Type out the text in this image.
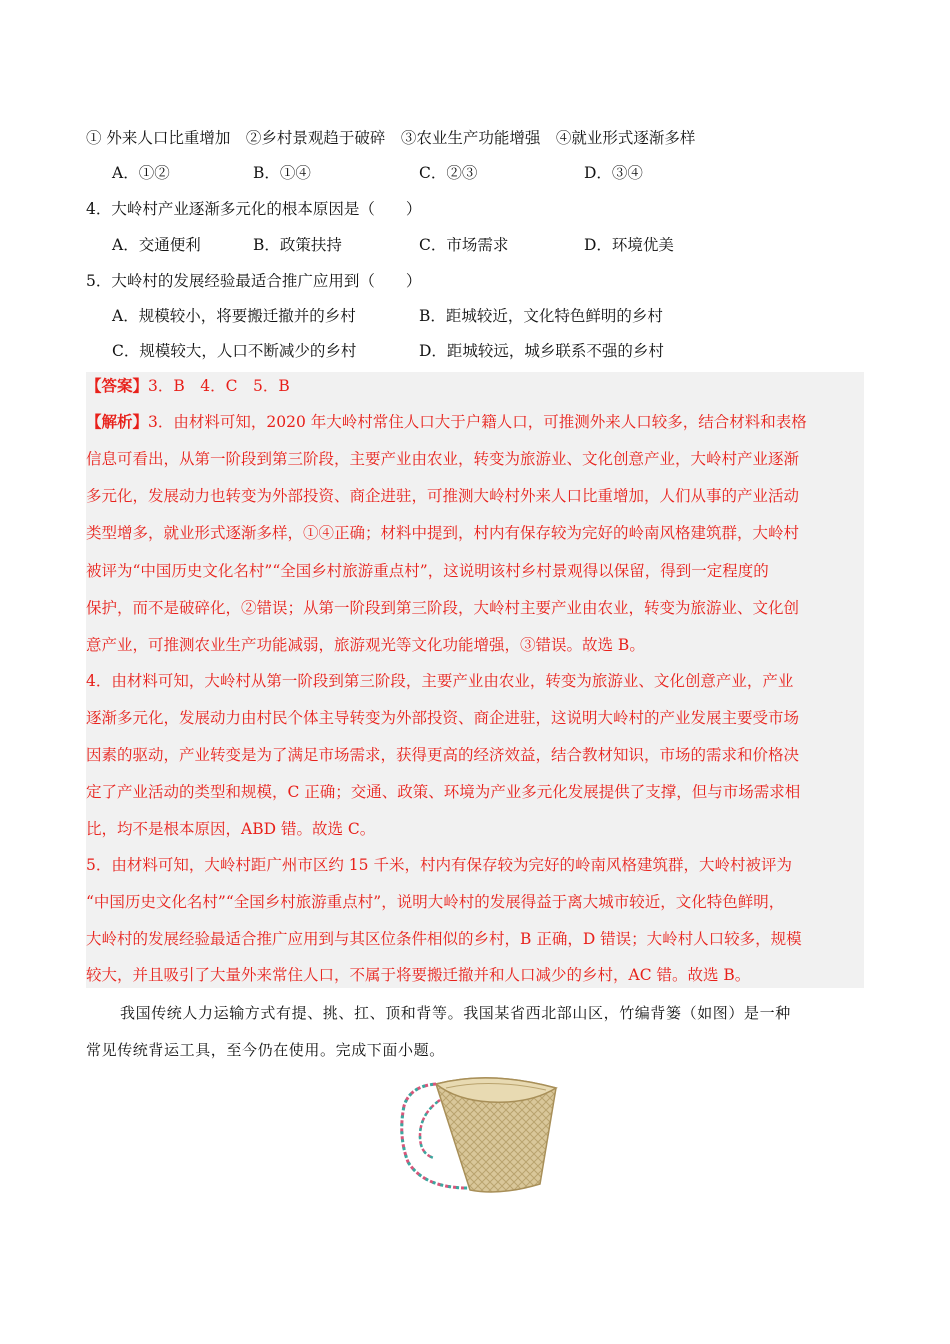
① 外来人口比重增加　②乡村景观趋于破碎　③农业生产功能增强　④就业形式逐渐多样
A．①②	B．①④	C．②③	D．③④
4．大岭村产业逐渐多元化的根本原因是（　　）
A．交通便利	B．政策扶持	C．市场需求	D．环境优美
5．大岭村的发展经验最适合推广应用到（　　）
A．规模较小，将要搬迁撤并的乡村	B．距城较近，文化特色鲜明的乡村
C．规模较大，人口不断减少的乡村	D．距城较远，城乡联系不强的乡村
【答案】3．B　4．C　5．B
【解析】3．由材料可知，2020 年大岭村常住人口大于户籍人口，可推测外来人口较多，结合材料和表格
信息可看出，从第一阶段到第三阶段，主要产业由农业，转变为旅游业、文化创意产业，大岭村产业逐渐
多元化，发展动力也转变为外部投资、商企进驻，可推测大岭村外来人口比重增加，人们从事的产业活动
类型增多，就业形式逐渐多样，①④正确；材料中提到，村内有保存较为完好的岭南风格建筑群，大岭村
被评为“中国历史文化名村”“全国乡村旅游重点村”，这说明该村乡村景观得以保留，得到一定程度的
保护，而不是破碎化，②错误；从第一阶段到第三阶段，大岭村主要产业由农业，转变为旅游业、文化创
意产业，可推测农业生产功能减弱，旅游观光等文化功能增强，③错误。故选 B。
4．由材料可知，大岭村从第一阶段到第三阶段，主要产业由农业，转变为旅游业、文化创意产业，产业
逐渐多元化，发展动力由村民个体主导转变为外部投资、商企进驻，这说明大岭村的产业发展主要受市场
因素的驱动，产业转变是为了满足市场需求，获得更高的经济效益，结合教材知识，市场的需求和价格决
定了产业活动的类型和规模，C 正确；交通、政策、环境为产业多元化发展提供了支撑，但与市场需求相
比，均不是根本原因，ABD 错。故选 C。
5．由材料可知，大岭村距广州市区约 15 千米，村内有保存较为完好的岭南风格建筑群，大岭村被评为
“中国历史文化名村”“全国乡村旅游重点村”，说明大岭村的发展得益于离大城市较近，文化特色鲜明，
大岭村的发展经验最适合推广应用到与其区位条件相似的乡村，B 正确，D 错误；大岭村人口较多，规模
较大，并且吸引了大量外来常住人口，不属于将要搬迁撤并和人口减少的乡村，AC 错。故选 B。
我国传统人力运输方式有提、挑、扛、顶和背等。我国某省西北部山区，竹编背篓（如图）是一种
常见传统背运工具，至今仍在使用。完成下面小题。
